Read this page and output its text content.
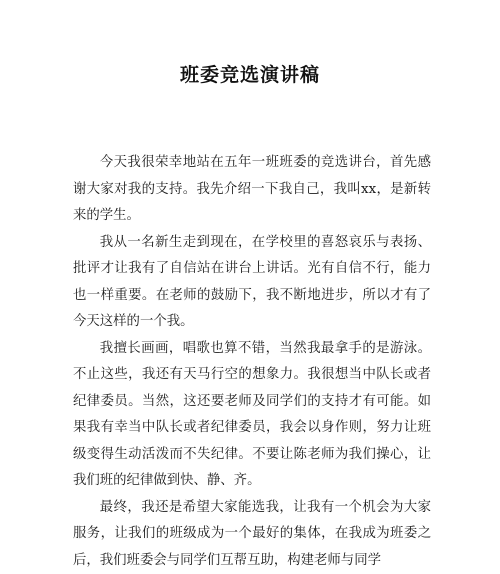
班委竞选演讲稿

今天我很荣幸地站在五年一班班委的竞选讲台，首先感谢大家对我的支持。我先介绍一下我自己，我叫xx，是新转来的学生。

我从一名新生走到现在，在学校里的喜怒哀乐与表扬、批评才让我有了自信站在讲台上讲话。光有自信不行，能力也一样重要。在老师的鼓励下，我不断地进步，所以才有了今天这样的一个我。

我擅长画画，唱歌也算不错，当然我最拿手的是游泳。不止这些，我还有天马行空的想象力。我很想当中队长或者纪律委员。当然，这还要老师及同学们的支持才有可能。如果我有幸当中队长或者纪律委员，我会以身作则，努力让班级变得生动活泼而不失纪律。不要让陈老师为我们操心，让我们班的纪律做到快、静、齐。

最终，我还是希望大家能选我，让我有一个机会为大家服务，让我们的班级成为一个最好的集体，在我成为班委之后，我们班委会与同学们互帮互助，构建老师与同学
